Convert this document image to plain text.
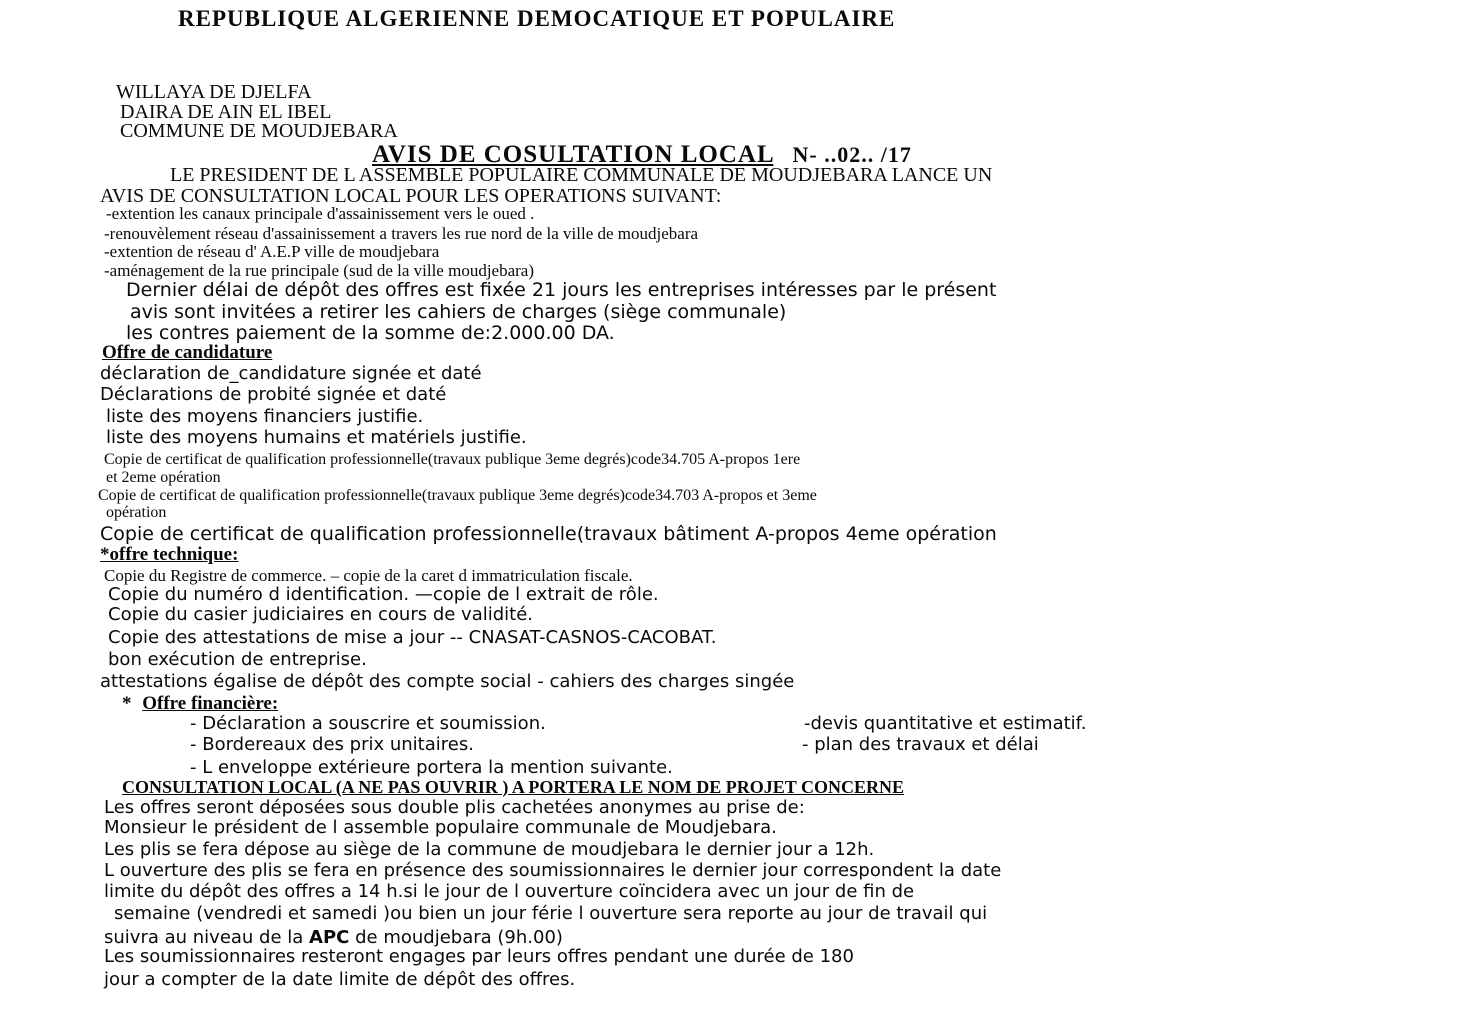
REPUBLIQUE ALGERIENNE DEMOCATIQUE ET POPULAIRE
WILLAYA DE DJELFA
DAIRA DE AIN EL IBEL
COMMUNE DE MOUDJEBARA
AVIS DE COSULTATION LOCAL N- ..02.. /17
LE PRESIDENT DE L ASSEMBLE POPULAIRE COMMUNALE DE MOUDJEBARA LANCE UN
AVIS DE CONSULTATION LOCAL POUR LES OPERATIONS SUIVANT:
-extention les canaux principale d'assainissement vers le oued .
-renouvèlement réseau d'assainissement a travers les rue nord de la ville de moudjebara
-extention de réseau d' A.E.P ville de moudjebara
-aménagement de la rue principale (sud de la ville moudjebara)
Dernier délai de dépôt des offres est fixée 21 jours les entreprises intéresses par le présent
avis sont invitées a retirer les cahiers de charges (siège communale)
les contres paiement de la somme de:2.000.00 DA.
Offre de candidature
déclaration de_candidature signée et daté
Déclarations de probité signée et daté
liste des moyens financiers justifie.
liste des moyens humains et matériels justifie.
Copie de certificat de qualification professionnelle(travaux publique 3eme degrés)code34.705 A-propos 1ere
et 2eme opération
Copie de certificat de qualification professionnelle(travaux publique 3eme degrés)code34.703 A-propos et 3eme
opération
Copie de certificat de qualification professionnelle(travaux bâtiment A-propos 4eme opération
*offre technique:
Copie du Registre de commerce. – copie de la caret d immatriculation fiscale.
Copie du numéro d identification. —copie de l extrait de rôle.
Copie du casier judiciaires en cours de validité.
Copie des attestations de mise a jour -- CNASAT-CASNOS-CACOBAT.
bon exécution de entreprise.
attestations égalise de dépôt des compte social - cahiers des charges singée
* Offre financière:
- Déclaration a souscrire et soumission.	-devis quantitative et estimatif.
- Bordereaux des prix unitaires.	- plan des travaux et délai
- L enveloppe extérieure portera la mention suivante.
CONSULTATION LOCAL (A NE PAS OUVRIR ) A PORTERA LE NOM DE PROJET CONCERNE
Les offres seront déposées sous double plis cachetées anonymes au prise de:
Monsieur le président de l assemble populaire communale de Moudjebara.
Les plis se fera dépose au siège de la commune de moudjebara le dernier jour a 12h.
L ouverture des plis se fera en présence des soumissionnaires le dernier jour correspondent la date
limite du dépôt des offres a 14 h.si le jour de l ouverture coïncidera avec un jour de fin de
semaine (vendredi et samedi )ou bien un jour férie l ouverture sera reporte au jour de travail qui
suivra au niveau de la APC de moudjebara (9h.00)
Les soumissionnaires resteront engages par leurs offres pendant une durée de 180
jour a compter de la date limite de dépôt des offres.
